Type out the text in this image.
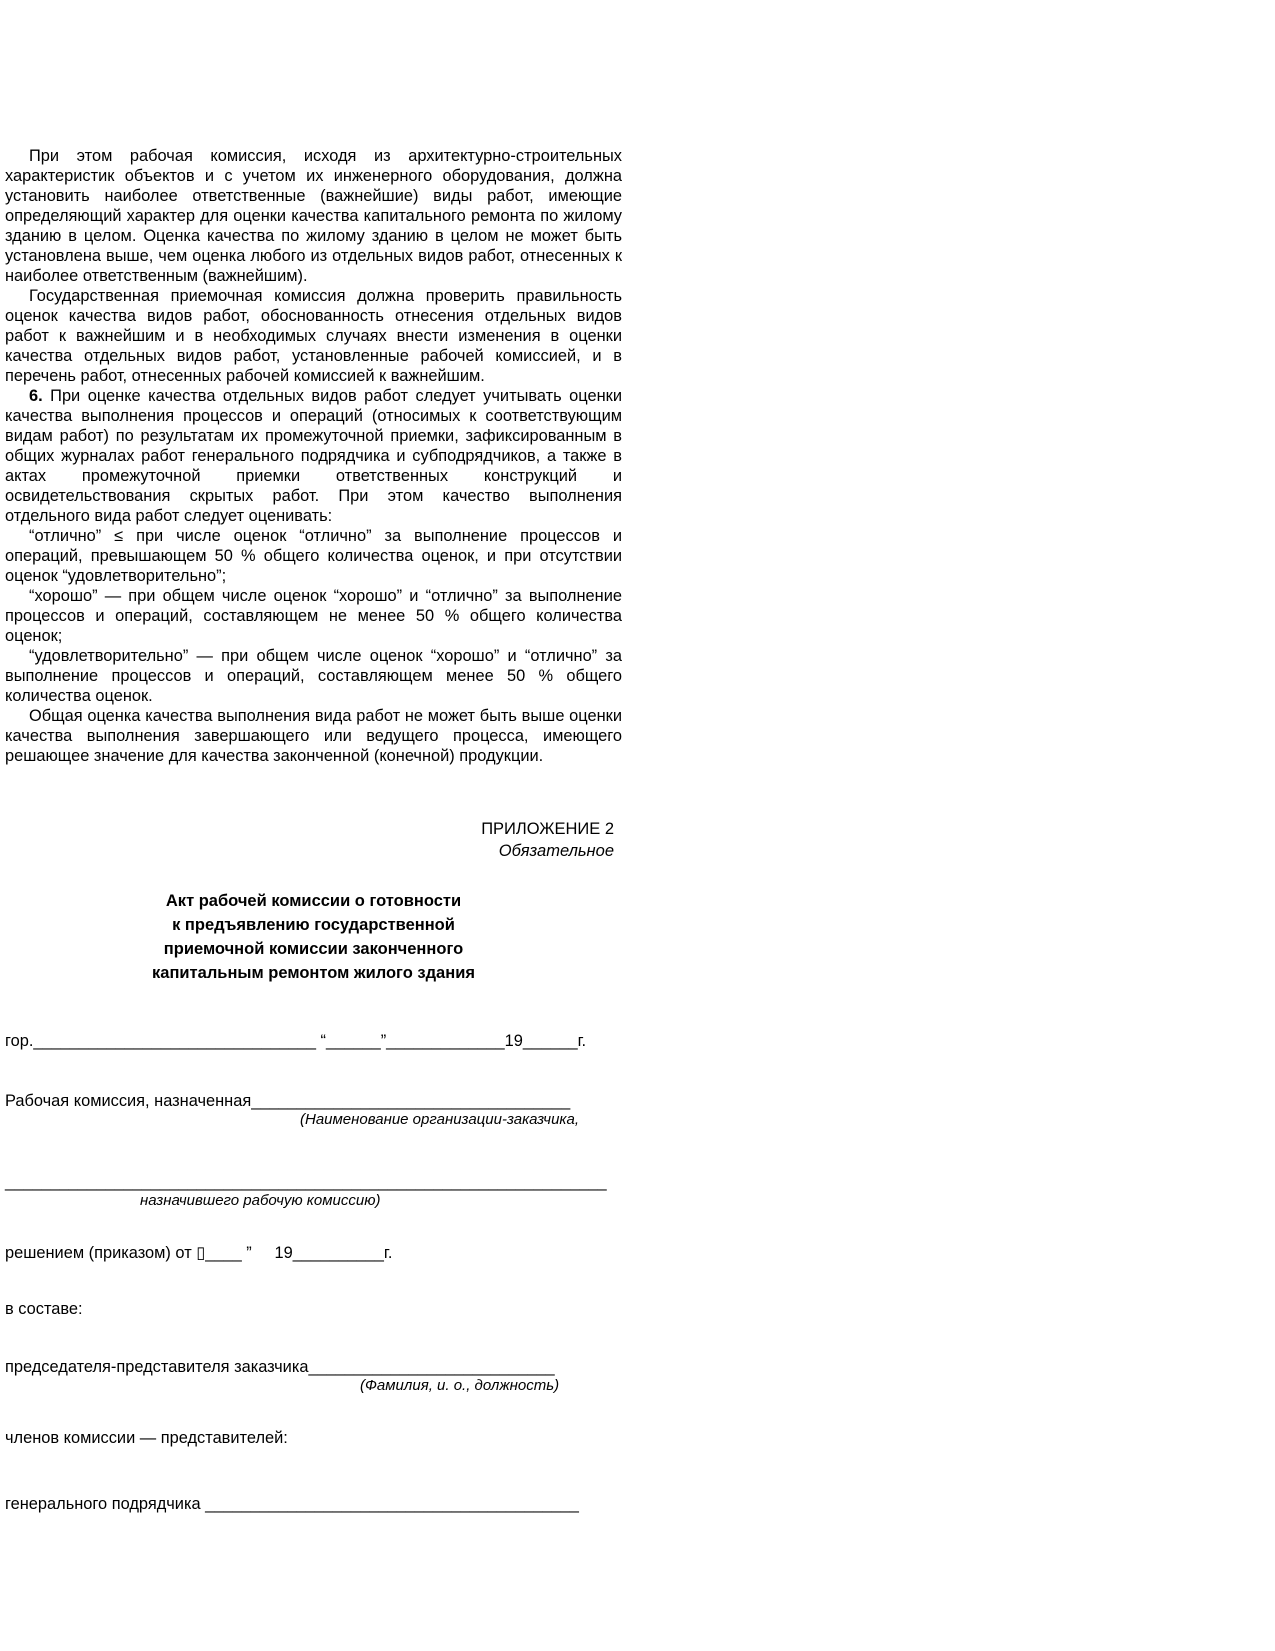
При этом рабочая комиссия, исходя из архитектурно-строительных характеристик объектов и с учетом их инженерного оборудования, должна установить наиболее ответственные (важнейшие) виды работ, имеющие определяющий характер для оценки качества капитального ремонта по жилому зданию в целом. Оценка качества по жилому зданию в целом не может быть установлена выше, чем оценка любого из отдельных видов работ, отнесенных к наиболее ответственным (важнейшим).

Государственная приемочная комиссия должна проверить правильность оценок качества видов работ, обоснованность отнесения отдельных видов работ к важнейшим и в необходимых случаях внести изменения в оценки качества отдельных видов работ, установленные рабочей комиссией, и в перечень работ, отнесенных рабочей комиссией к важнейшим.

6. При оценке качества отдельных видов работ следует учитывать оценки качества выполнения процессов и операций (относимых к соответствующим видам работ) по результатам их промежуточной приемки, зафиксированным в общих журналах работ генерального подрядчика и субподрядчиков, а также в актах промежуточной приемки ответственных конструкций и освидетельствования скрытых работ. При этом качество выполнения отдельного вида работ следует оценивать:

“отлично” ≤ при числе оценок “отлично” за выполнение процессов и операций, превышающем 50 % общего количества оценок, и при отсутствии оценок “удовлетворительно”;

“хорошо” — при общем числе оценок “хорошо” и “отлично” за выполнение процессов и операций, составляющем не менее 50 % общего количества оценок;

“удовлетворительно” — при общем числе оценок “хорошо” и “отлично” за выполнение процессов и операций, составляющем менее 50 % общего количества оценок.

Общая оценка качества выполнения вида работ не может быть выше оценки качества выполнения завершающего или ведущего процесса, имеющего решающее значение для качества законченной (конечной) продукции.

ПРИЛОЖЕНИЕ 2
Обязательное
Акт рабочей комиссии о готовности
к предъявлению государственной
приемочной комиссии законченного
капитальным ремонтом жилого здания
гор._______________________________ “______”_____________19______г.
Рабочая комиссия, назначенная___________________________________
(Наименование организации-заказчика,
__________________________________________________________________
назначившего рабочую комиссию)
решением (приказом) от ▯____ ”     19__________г.
в составе:
председателя-представителя заказчика___________________________
(Фамилия, и. о., должность)
членов комиссии — представителей:
генерального подрядчика _________________________________________
